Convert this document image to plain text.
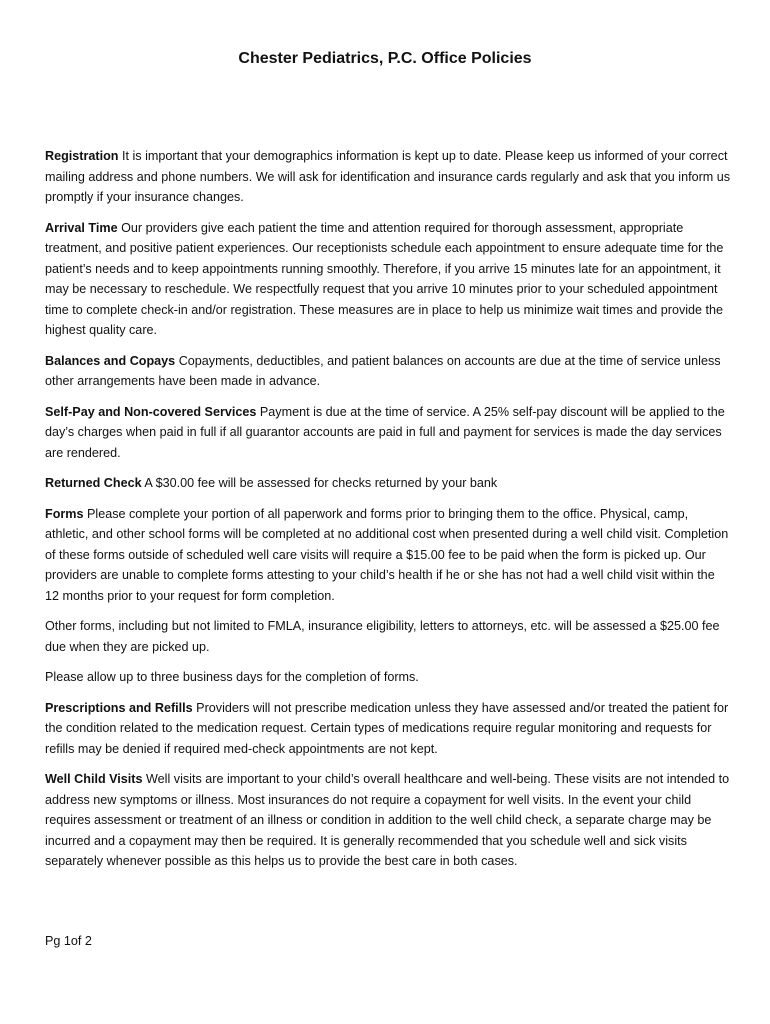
Chester Pediatrics, P.C. Office Policies

Registration It is important that your demographics information is kept up to date. Please keep us informed of your correct mailing address and phone numbers. We will ask for identification and insurance cards regularly and ask that you inform us promptly if your insurance changes.

Arrival Time Our providers give each patient the time and attention required for thorough assessment, appropriate treatment, and positive patient experiences. Our receptionists schedule each appointment to ensure adequate time for the patient’s needs and to keep appointments running smoothly. Therefore, if you arrive 15 minutes late for an appointment, it may be necessary to reschedule. We respectfully request that you arrive 10 minutes prior to your scheduled appointment time to complete check-in and/or registration. These measures are in place to help us minimize wait times and provide the highest quality care.

Balances and Copays Copayments, deductibles, and patient balances on accounts are due at the time of service unless other arrangements have been made in advance.

Self-Pay and Non-covered Services Payment is due at the time of service. A 25% self-pay discount will be applied to the day’s charges when paid in full if all guarantor accounts are paid in full and payment for services is made the day services are rendered.

Returned Check A $30.00 fee will be assessed for checks returned by your bank

Forms Please complete your portion of all paperwork and forms prior to bringing them to the office. Physical, camp, athletic, and other school forms will be completed at no additional cost when presented during a well child visit. Completion of these forms outside of scheduled well care visits will require a $15.00 fee to be paid when the form is picked up. Our providers are unable to complete forms attesting to your child’s health if he or she has not had a well child visit within the 12 months prior to your request for form completion.

Other forms, including but not limited to FMLA, insurance eligibility, letters to attorneys, etc. will be assessed a $25.00 fee due when they are picked up.

Please allow up to three business days for the completion of forms.

Prescriptions and Refills Providers will not prescribe medication unless they have assessed and/or treated the patient for the condition related to the medication request. Certain types of medications require regular monitoring and requests for refills may be denied if required med-check appointments are not kept.

Well Child Visits Well visits are important to your child’s overall healthcare and well-being. These visits are not intended to address new symptoms or illness. Most insurances do not require a copayment for well visits. In the event your child requires assessment or treatment of an illness or condition in addition to the well child check, a separate charge may be incurred and a copayment may then be required. It is generally recommended that you schedule well and sick visits separately whenever possible as this helps us to provide the best care in both cases.

Pg 1of 2
